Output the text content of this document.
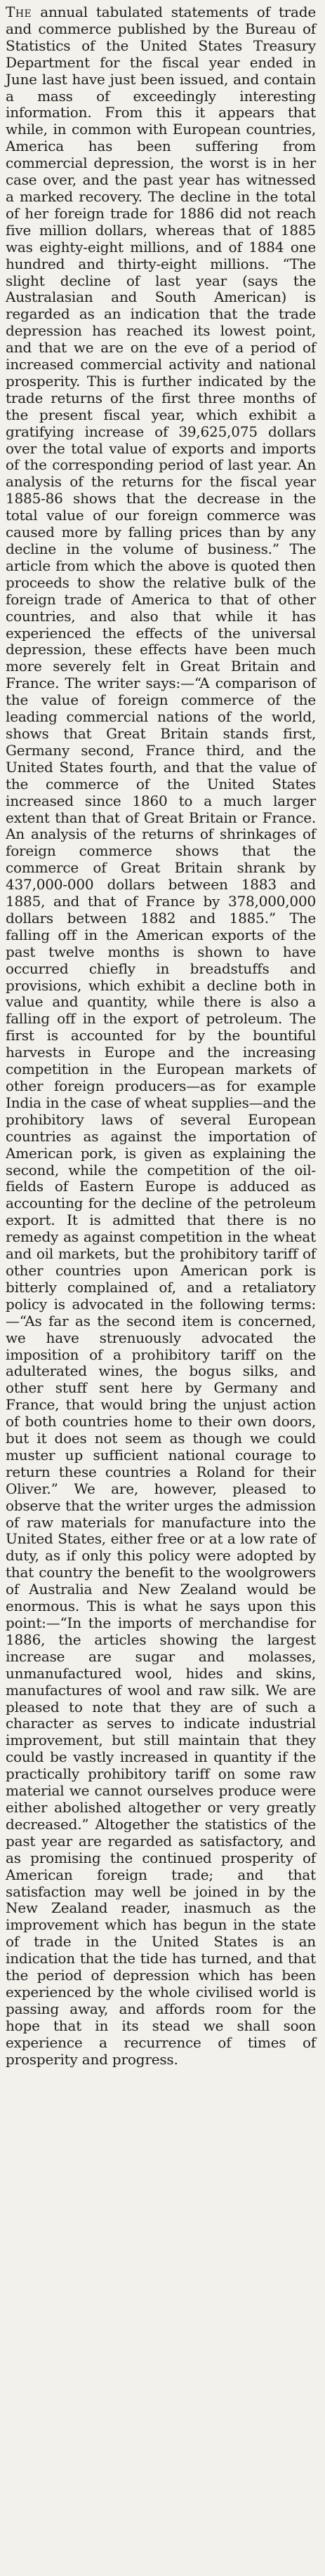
The annual tabulated statements of trade and commerce published by the Bureau of Statistics of the United States Treasury Department for the fiscal year ended in June last have just been issued, and contain a mass of exceedingly interesting information. From this it appears that while, in common with European countries, America has been suffering from commercial depression, the worst is in her case over, and the past year has witnessed a marked recovery. The decline in the total of her foreign trade for 1886 did not reach five million dollars, whereas that of 1885 was eighty-eight millions, and of 1884 one hundred and thirty-eight millions. “The slight decline of last year (says the Australasian and South American) is regarded as an indication that the trade depression has reached its lowest point, and that we are on the eve of a period of increased commercial activity and national prosperity. This is further indicated by the trade returns of the first three months of the present fiscal year, which exhibit a gratifying increase of 39,625,075 dollars over the total value of exports and imports of the corresponding period of last year. An analysis of the returns for the fiscal year 1885-86 shows that the decrease in the total value of our foreign commerce was caused more by falling prices than by any decline in the volume of business.” The article from which the above is quoted then proceeds to show the relative bulk of the foreign trade of America to that of other countries, and also that while it has experienced the effects of the universal depression, these effects have been much more severely felt in Great Britain and France. The writer says:—“A comparison of the value of foreign commerce of the leading commercial nations of the world, shows that Great Britain stands first, Germany second, France third, and the United States fourth, and that the value of the commerce of the United States increased since 1860 to a much larger extent than that of Great Britain or France. An analysis of the returns of shrinkages of foreign commerce shows that the commerce of Great Britain shrank by 437,000-000 dollars between 1883 and 1885, and that of France by 378,000,000 dollars between 1882 and 1885.” The falling off in the American exports of the past twelve months is shown to have occurred chiefly in breadstuffs and provisions, which exhibit a decline both in value and quantity, while there is also a falling off in the export of petroleum. The first is accounted for by the bountiful harvests in Europe and the increasing competition in the European markets of other foreign producers—as for example India in the case of wheat supplies—and the prohibitory laws of several European countries as against the importation of American pork, is given as explaining the second, while the competition of the oil-fields of Eastern Europe is adduced as accounting for the decline of the petroleum export. It is admitted that there is no remedy as against competition in the wheat and oil markets, but the prohibitory tariff of other countries upon American pork is bitterly complained of, and a retaliatory policy is advocated in the following terms:—“As far as the second item is concerned, we have strenuously advocated the imposition of a prohibitory tariff on the adulterated wines, the bogus silks, and other stuff sent here by Germany and France, that would bring the unjust action of both countries home to their own doors, but it does not seem as though we could muster up sufficient national courage to return these countries a Roland for their Oliver.” We are, however, pleased to observe that the writer urges the admission of raw materials for manufacture into the United States, either free or at a low rate of duty, as if only this policy were adopted by that country the benefit to the woolgrowers of Australia and New Zealand would be enormous. This is what he says upon this point:—“In the imports of merchandise for 1886, the articles showing the largest increase are sugar and molasses, unmanufactured wool, hides and skins, manufactures of wool and raw silk. We are pleased to note that they are of such a character as serves to indicate industrial improvement, but still maintain that they could be vastly increased in quantity if the practically prohibitory tariff on some raw material we cannot ourselves produce were either abolished altogether or very greatly decreased.” Altogether the statistics of the past year are regarded as satisfactory, and as promising the continued prosperity of American foreign trade; and that satisfaction may well be joined in by the New Zealand reader, inasmuch as the improvement which has begun in the state of trade in the United States is an indication that the tide has turned, and that the period of depression which has been experienced by the whole civilised world is passing away, and affords room for the hope that in its stead we shall soon experience a recurrence of times of prosperity and progress.
